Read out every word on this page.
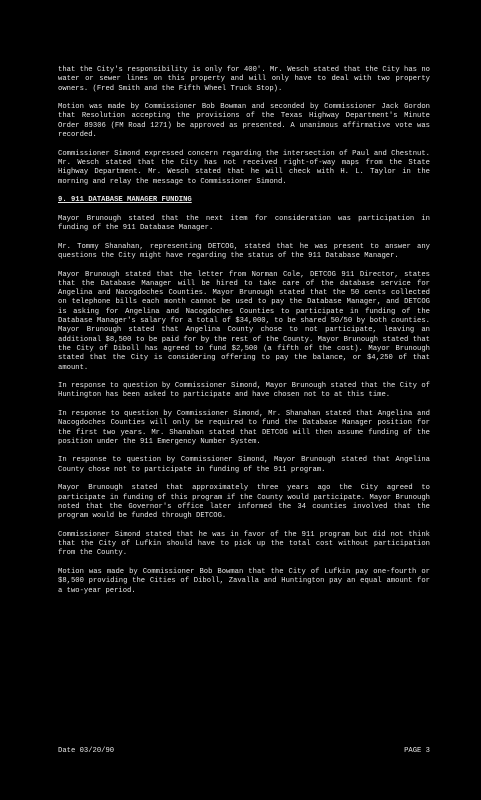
that the City's responsibility is only for 400'. Mr. Wesch stated that the City has no water or sewer lines on this property and will only have to deal with two property owners. (Fred Smith and the Fifth Wheel Truck Stop).

Motion was made by Commissioner Bob Bowman and seconded by Commissioner Jack Gordon that Resolution accepting the provisions of the Texas Highway Department's Minute Order 89306 (FM Road 1271) be approved as presented. A unanimous affirmative vote was recorded.

Commissioner Simond expressed concern regarding the intersection of Paul and Chestnut. Mr. Wesch stated that the City has not received right-of-way maps from the State Highway Department. Mr. Wesch stated that he will check with H. L. Taylor in the morning and relay the message to Commissioner Simond.

9. 911 DATABASE MANAGER FUNDING

Mayor Brunough stated that the next item for consideration was participation in funding of the 911 Database Manager.

Mr. Tommy Shanahan, representing DETCOG, stated that he was present to answer any questions the City might have regarding the status of the 911 Database Manager.

Mayor Brunough stated that the letter from Norman Cole, DETCOG 911 Director, states that the Database Manager will be hired to take care of the database service for Angelina and Nacogdoches Counties. Mayor Brunough stated that the 50 cents collected on telephone bills each month cannot be used to pay the Database Manager, and DETCOG is asking for Angelina and Nacogdoches Counties to participate in funding of the Database Manager's salary for a total of $34,000, to be shared 50/50 by both counties. Mayor Brunough stated that Angelina County chose to not participate, leaving an additional $8,500 to be paid for by the rest of the County. Mayor Brunough stated that the City of Diboll has agreed to fund $2,500 (a fifth of the cost). Mayor Brunough stated that the City is considering offering to pay the balance, or $4,250 of that amount.

In response to question by Commissioner Simond, Mayor Brunough stated that the City of Huntington has been asked to participate and have chosen not to at this time.

In response to question by Commissioner Simond, Mr. Shanahan stated that Angelina and Nacogdoches Counties will only be required to fund the Database Manager position for the first two years. Mr. Shanahan stated that DETCOG will then assume funding of the position under the 911 Emergency Number System.

In response to question by Commissioner Simond, Mayor Brunough stated that Angelina County chose not to participate in funding of the 911 program.

Mayor Brunough stated that approximately three years ago the City agreed to participate in funding of this program if the County would participate. Mayor Brunough noted that the Governor's office later informed the 34 counties involved that the program would be funded through DETCOG.

Commissioner Simond stated that he was in favor of the 911 program but did not think that the City of Lufkin should have to pick up the total cost without participation from the County.

Motion was made by Commissioner Bob Bowman that the City of Lufkin pay one-fourth or $8,500 providing the Cities of Diboll, Zavalla and Huntington pay an equal amount for a two-year period.

Date 03/20/90	PAGE 3
